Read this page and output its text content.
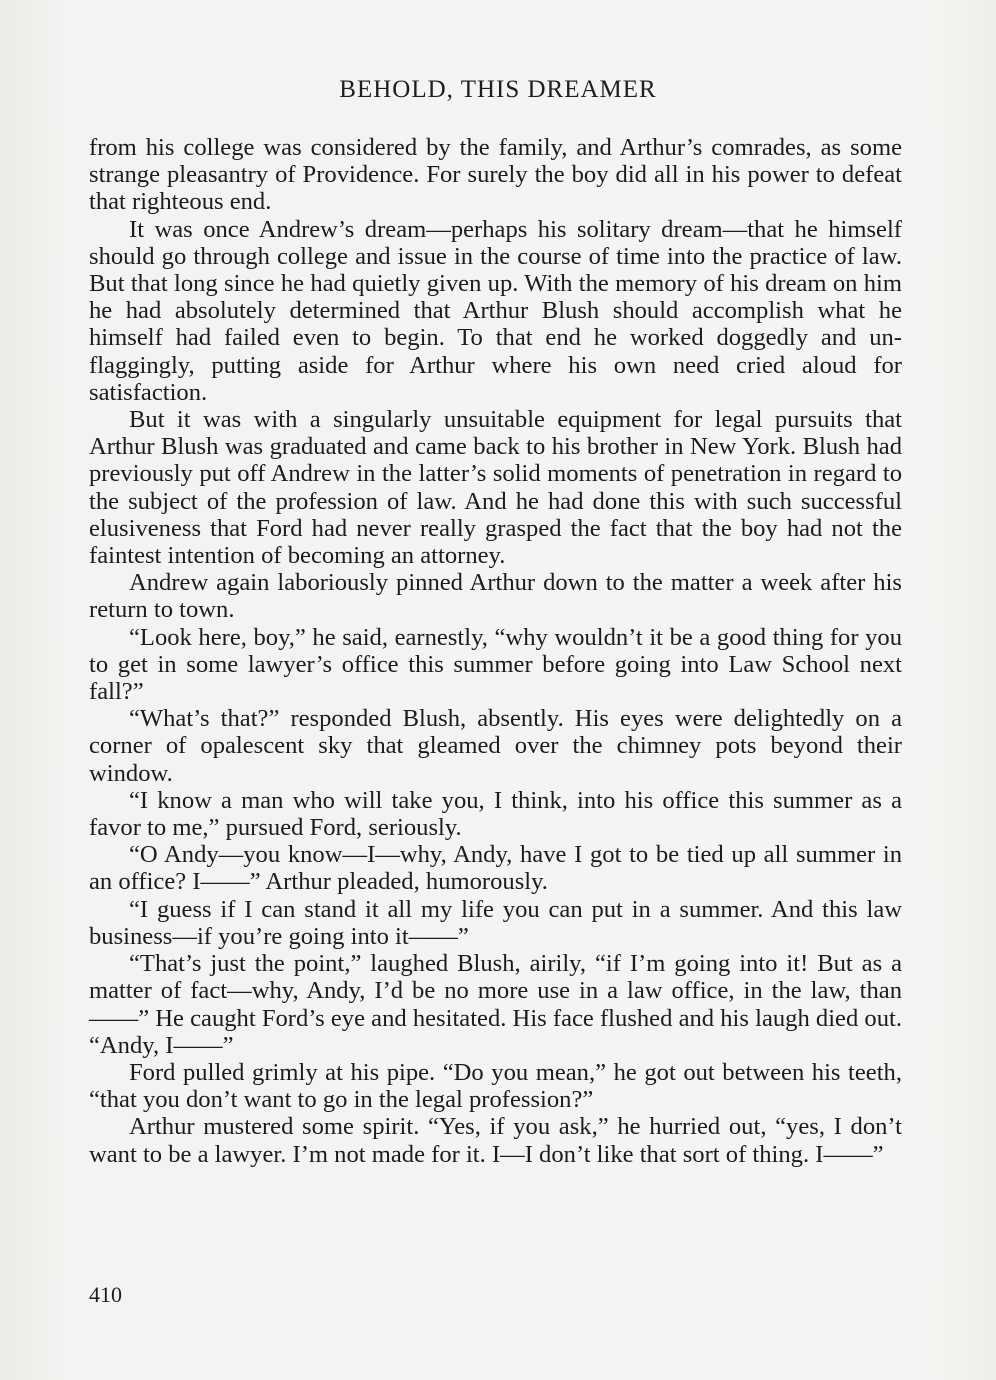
BEHOLD, THIS DREAMER

from his college was considered by the family, and Arthur’s comrades, as some strange pleasantry of Providence. For surely the boy did all in his power to defeat that righteous end.

It was once Andrew’s dream—perhaps his solitary dream—that he himself should go through college and issue in the course of time into the practice of law. But that long since he had quietly given up. With the memory of his dream on him he had absolutely determined that Arthur Blush should accomplish what he himself had failed even to begin. To that end he worked doggedly and unflaggingly, putting aside for Arthur where his own need cried aloud for satisfaction.

But it was with a singularly unsuitable equipment for legal pursuits that Arthur Blush was graduated and came back to his brother in New York. Blush had previously put off Andrew in the latter’s solid moments of penetration in regard to the subject of the profession of law. And he had done this with such successful elusiveness that Ford had never really grasped the fact that the boy had not the faintest intention of becoming an attorney.

Andrew again laboriously pinned Arthur down to the matter a week after his return to town.

“Look here, boy,” he said, earnestly, “why wouldn’t it be a good thing for you to get in some lawyer’s office this summer before going into Law School next fall?”

“What’s that?” responded Blush, absently. His eyes were delightedly on a corner of opalescent sky that gleamed over the chimney pots beyond their window.

“I know a man who will take you, I think, into his office this summer as a favor to me,” pursued Ford, seriously.

“O Andy—you know—I—why, Andy, have I got to be tied up all summer in an office? I——” Arthur pleaded, humorously.

“I guess if I can stand it all my life you can put in a summer. And this law business—if you’re going into it——”

“That’s just the point,” laughed Blush, airily, “if I’m going into it! But as a matter of fact—why, Andy, I’d be no more use in a law office, in the law, than——” He caught Ford’s eye and hesitated. His face flushed and his laugh died out. “Andy, I——”

Ford pulled grimly at his pipe. “Do you mean,” he got out between his teeth, “that you don’t want to go in the legal profession?”

Arthur mustered some spirit. “Yes, if you ask,” he hurried out, “yes, I don’t want to be a lawyer. I’m not made for it. I—I don’t like that sort of thing. I——”

410
